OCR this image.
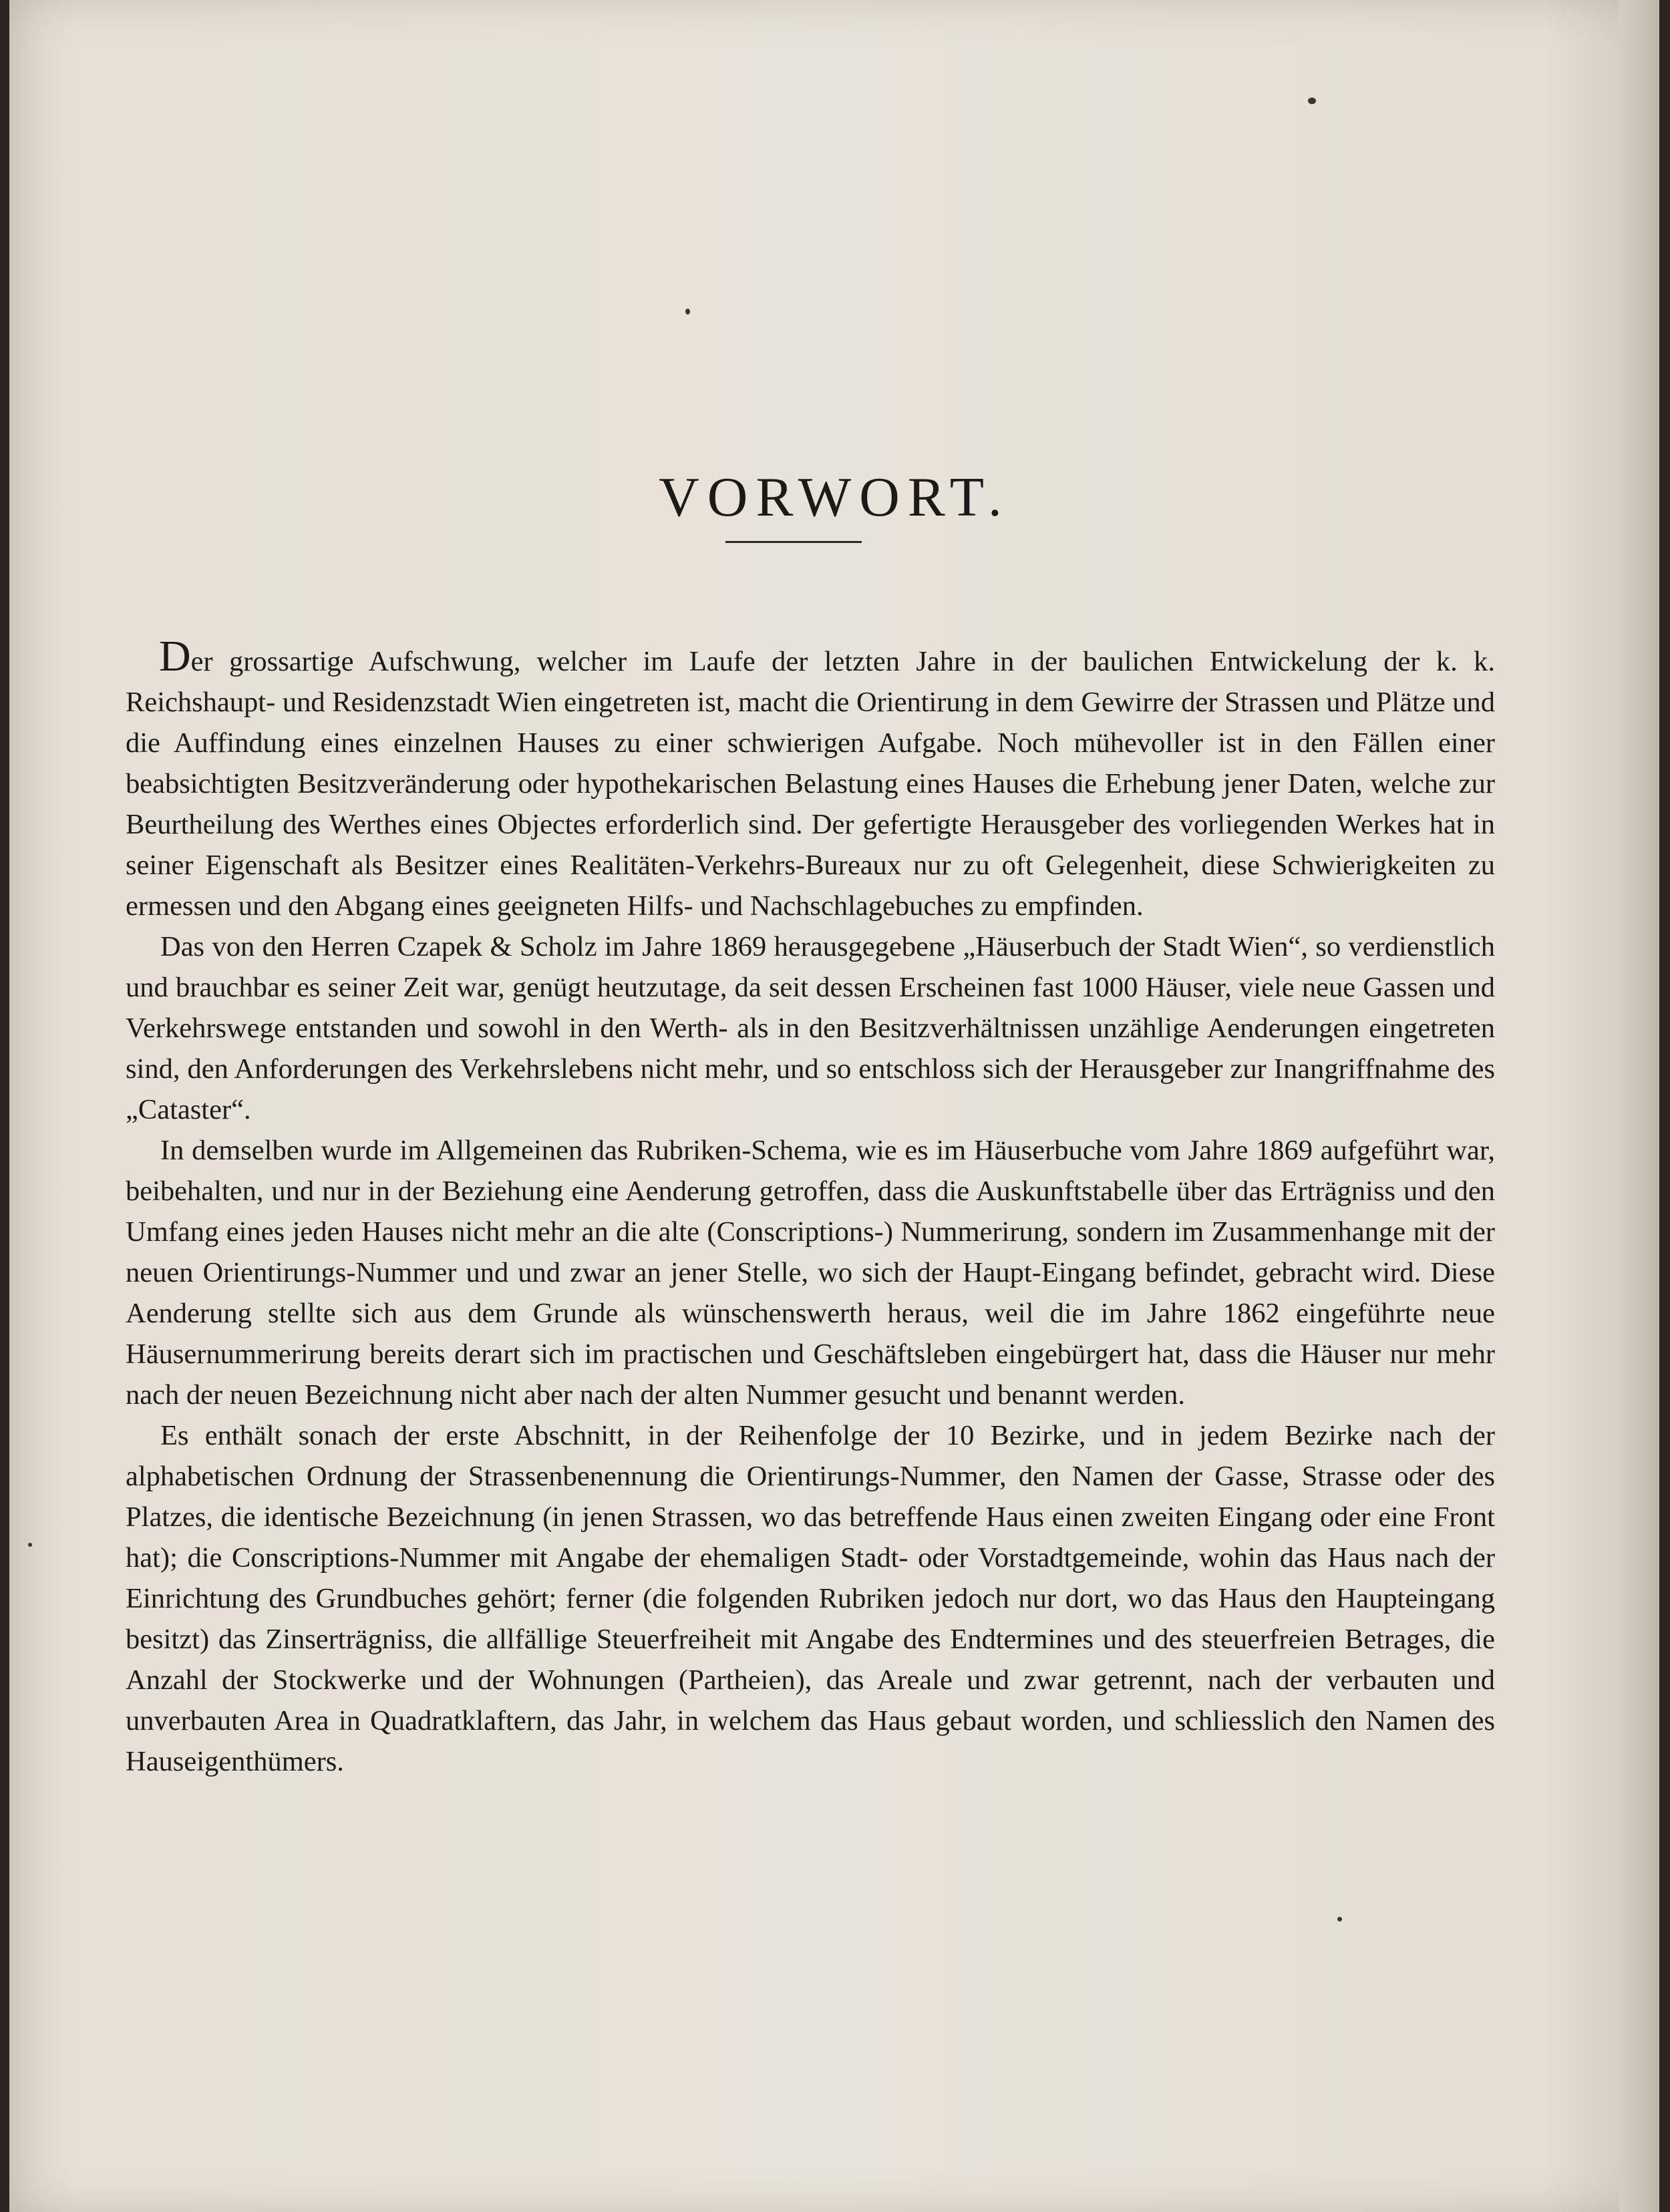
VORWORT.

Der grossartige Aufschwung, welcher im Laufe der letzten Jahre in der baulichen Entwickelung der k. k. Reichshaupt- und Residenzstadt Wien eingetreten ist, macht die Orientirung in dem Gewirre der Strassen und Plätze und die Auffindung eines einzelnen Hauses zu einer schwierigen Aufgabe. Noch mühevoller ist in den Fällen einer beabsichtigten Besitzveränderung oder hypothekarischen Belastung eines Hauses die Erhebung jener Daten, welche zur Beurtheilung des Werthes eines Objectes erforderlich sind. Der gefertigte Herausgeber des vorliegenden Werkes hat in seiner Eigenschaft als Besitzer eines Realitäten-Verkehrs-Bureaux nur zu oft Gelegenheit, diese Schwierigkeiten zu ermessen und den Abgang eines geeigneten Hilfs- und Nachschlagebuches zu empfinden.

Das von den Herren Czapek & Scholz im Jahre 1869 herausgegebene „Häuserbuch der Stadt Wien“, so verdienstlich und brauchbar es seiner Zeit war, genügt heutzutage, da seit dessen Erscheinen fast 1000 Häuser, viele neue Gassen und Verkehrswege entstanden und sowohl in den Werth- als in den Besitzverhältnissen unzählige Aenderungen eingetreten sind, den Anforderungen des Verkehrslebens nicht mehr, und so entschloss sich der Herausgeber zur Inangriffnahme des „Cataster“.

In demselben wurde im Allgemeinen das Rubriken-Schema, wie es im Häuserbuche vom Jahre 1869 aufgeführt war, beibehalten, und nur in der Beziehung eine Aenderung getroffen, dass die Auskunftstabelle über das Erträgniss und den Umfang eines jeden Hauses nicht mehr an die alte (Conscriptions-) Nummerirung, sondern im Zusammenhange mit der neuen Orientirungs-Nummer und und zwar an jener Stelle, wo sich der Haupt-Eingang befindet, gebracht wird. Diese Aenderung stellte sich aus dem Grunde als wünschenswerth heraus, weil die im Jahre 1862 eingeführte neue Häusernummerirung bereits derart sich im practischen und Geschäftsleben eingebürgert hat, dass die Häuser nur mehr nach der neuen Bezeichnung nicht aber nach der alten Nummer gesucht und benannt werden.

Es enthält sonach der erste Abschnitt, in der Reihenfolge der 10 Bezirke, und in jedem Bezirke nach der alphabetischen Ordnung der Strassenbenennung die Orientirungs-Nummer, den Namen der Gasse, Strasse oder des Platzes, die identische Bezeichnung (in jenen Strassen, wo das betreffende Haus einen zweiten Eingang oder eine Front hat); die Conscriptions-Nummer mit Angabe der ehemaligen Stadt- oder Vorstadtgemeinde, wohin das Haus nach der Einrichtung des Grundbuches gehört; ferner (die folgenden Rubriken jedoch nur dort, wo das Haus den Haupteingang besitzt) das Zinserträgniss, die allfällige Steuerfreiheit mit Angabe des Endtermines und des steuerfreien Betrages, die Anzahl der Stockwerke und der Wohnungen (Partheien), das Areale und zwar getrennt, nach der verbauten und unverbauten Area in Quadratklaftern, das Jahr, in welchem das Haus gebaut worden, und schliesslich den Namen des Hauseigenthümers.
